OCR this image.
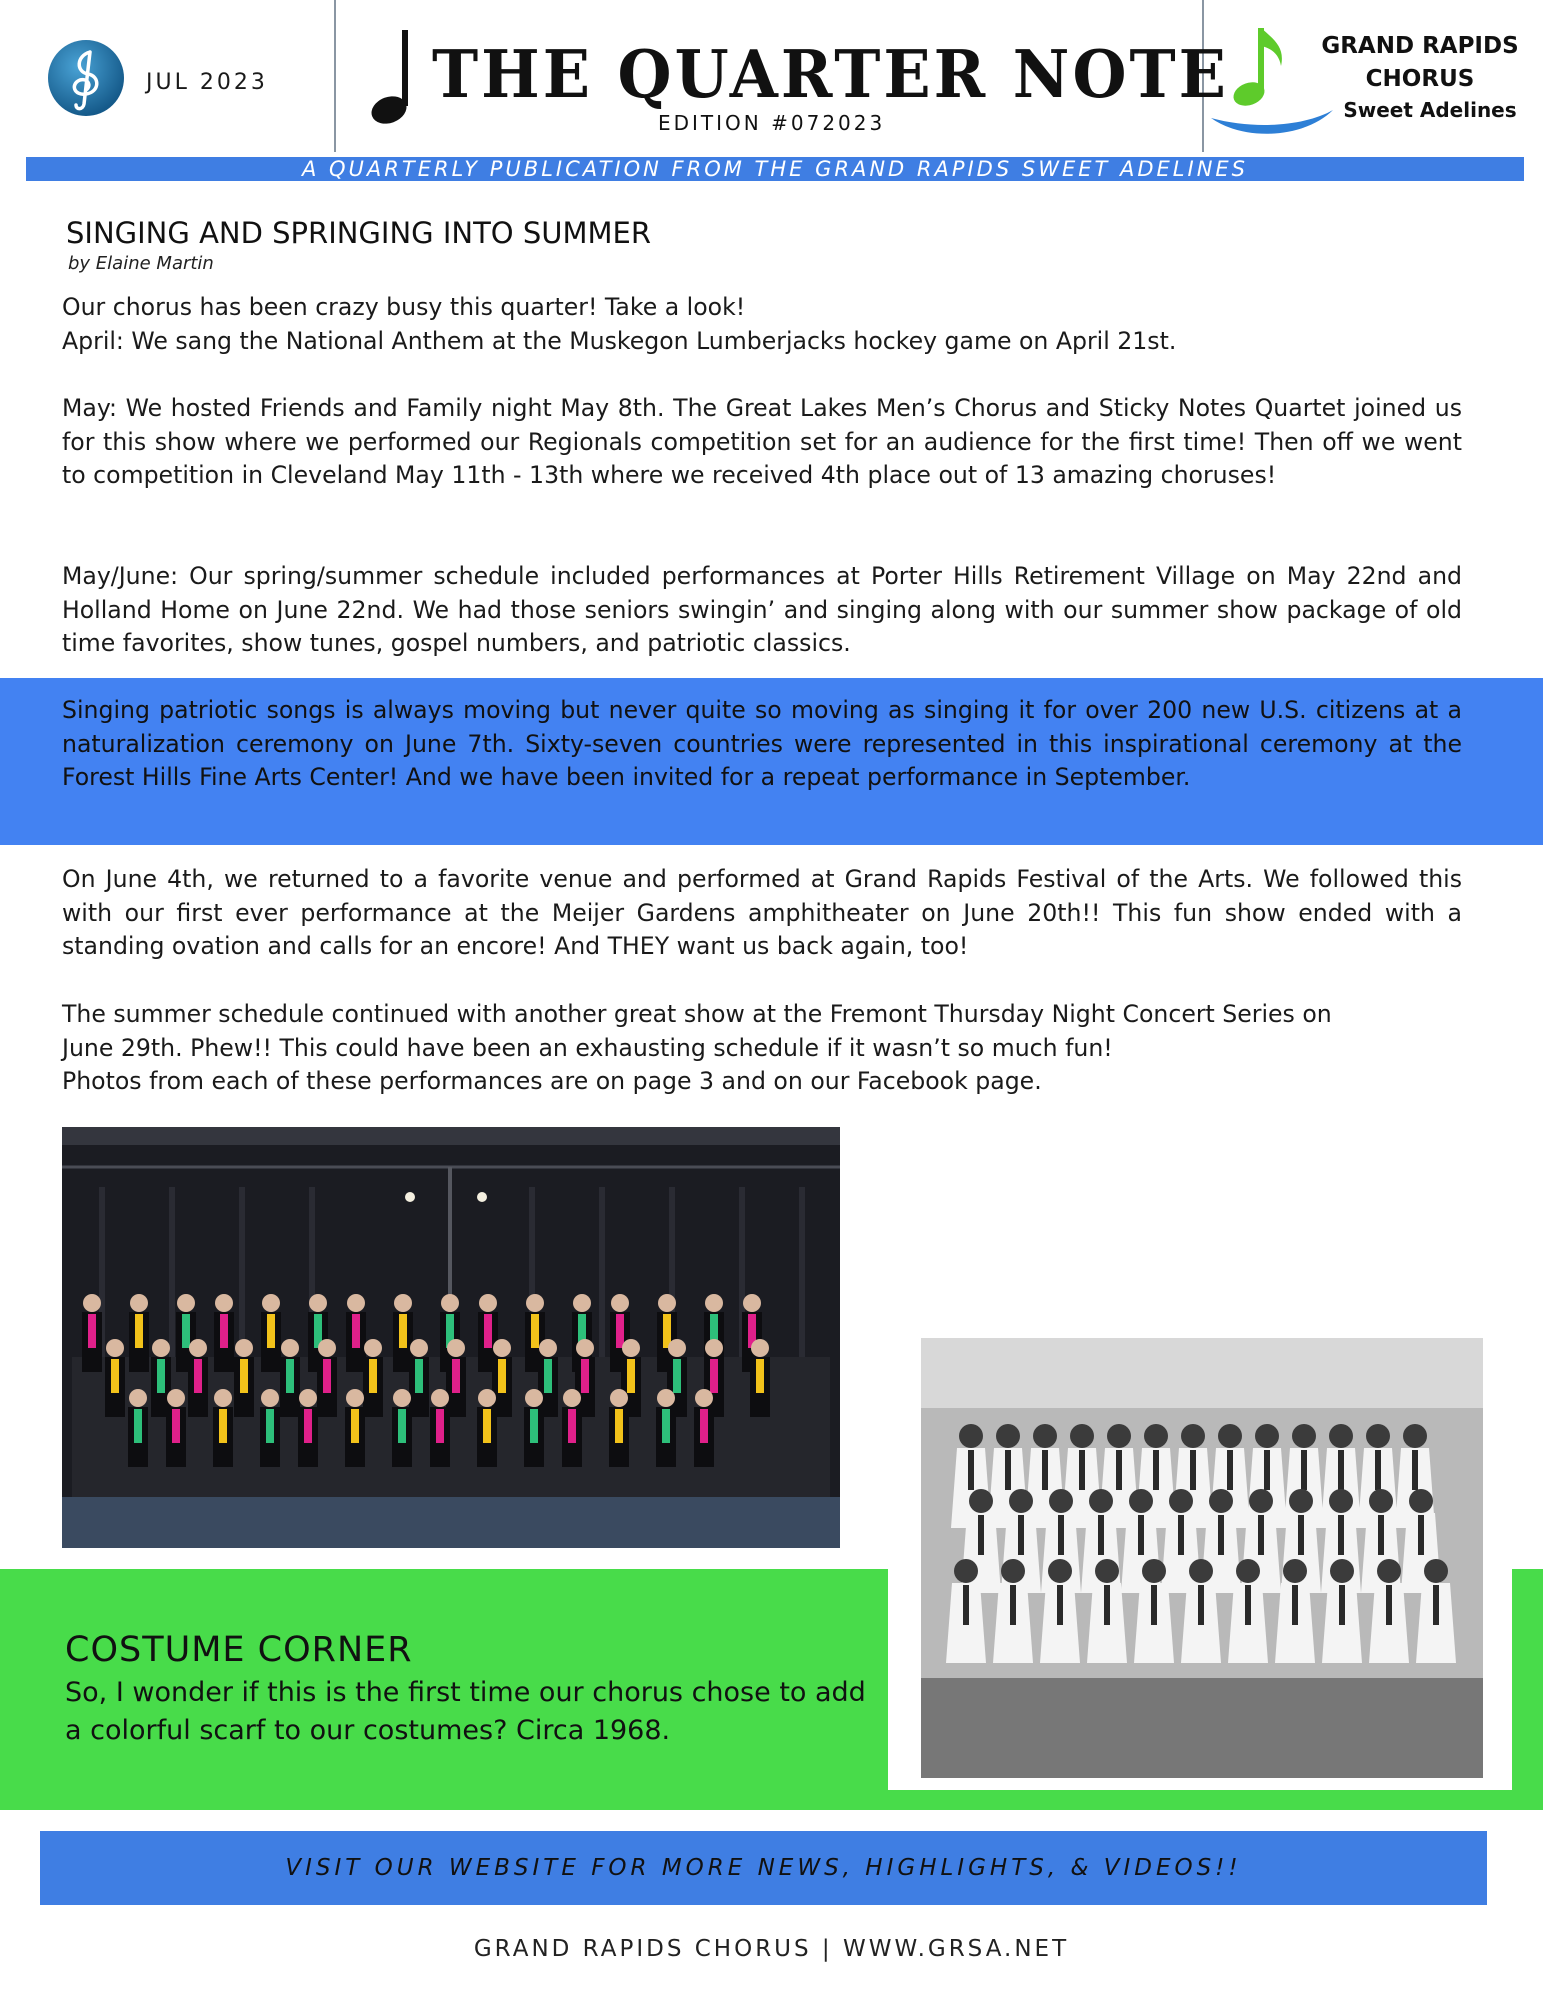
JUL 2023	THE QUARTER NOTE
EDITION #072023
GRAND RAPIDS
CHORUS
Sweet Adelines
A QUARTERLY PUBLICATION FROM THE GRAND RAPIDS SWEET ADELINES
SINGING AND SPRINGING INTO SUMMER
by Elaine Martin
Our chorus has been crazy busy this quarter! Take a look!
April: We sang the National Anthem at the Muskegon Lumberjacks hockey game on April 21st.
May: We hosted Friends and Family night May 8th. The Great Lakes Men’s Chorus and Sticky Notes Quartet joined us for this show where we performed our Regionals competition set for an audience for the first time! Then off we went to competition in Cleveland May 11th - 13th where we received 4th place out of 13 amazing choruses!
May/June: Our spring/summer schedule included performances at Porter Hills Retirement Village on May 22nd and Holland Home on June 22nd. We had those seniors swingin’ and singing along with our summer show package of old time favorites, show tunes, gospel numbers, and patriotic classics.
Singing patriotic songs is always moving but never quite so moving as singing it for over 200 new U.S. citizens at a naturalization ceremony on June 7th. Sixty-seven countries were represented in this inspirational ceremony at the Forest Hills Fine Arts Center! And we have been invited for a repeat performance in September.
On June 4th, we returned to a favorite venue and performed at Grand Rapids Festival of the Arts. We followed this with our first ever performance at the Meijer Gardens amphitheater on June 20th!! This fun show ended with a standing ovation and calls for an encore! And THEY want us back again, too!
The summer schedule continued with another great show at the Fremont Thursday Night Concert Series on
June 29th. Phew!! This could have been an exhausting schedule if it wasn’t so much fun!
Photos from each of these performances are on page 3 and on our Facebook page.
COSTUME CORNER
So, I wonder if this is the first time our chorus chose to add a colorful scarf to our costumes? Circa 1968.
VISIT OUR WEBSITE FOR MORE NEWS, HIGHLIGHTS, & VIDEOS!!
GRAND RAPIDS CHORUS | WWW.GRSA.NET
